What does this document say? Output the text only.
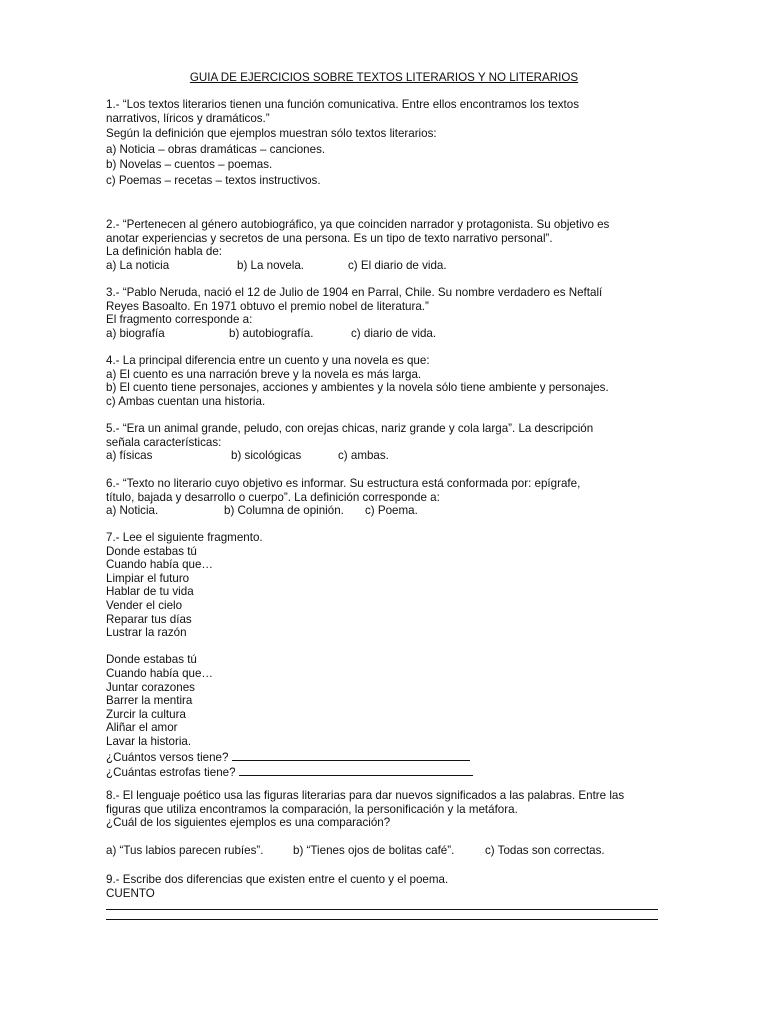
GUIA DE EJERCICIOS SOBRE TEXTOS LITERARIOS Y NO LITERARIOS
1.- “Los textos literarios tienen una función comunicativa. Entre ellos encontramos los textos
narrativos, líricos y dramáticos.”
Según la definición que ejemplos muestran sólo textos literarios:
a) Noticia – obras dramáticas – canciones.
b) Novelas – cuentos – poemas.
c) Poemas – recetas – textos instructivos.
2.- “Pertenecen al género autobiográfico, ya que coinciden narrador y protagonista. Su objetivo es
anotar experiencias y secretos de una persona. Es un tipo de texto narrativo personal”.
La definición habla de:
a) La noticia	b) La novela.	c) El diario de vida.
3.- “Pablo Neruda, nació el 12 de Julio de 1904 en Parral, Chile. Su nombre verdadero es Neftalí
Reyes Basoalto. En 1971 obtuvo el premio nobel de literatura.”
El fragmento corresponde a:
a) biografía	b) autobiografía.	c) diario de vida.
4.- La principal diferencia entre un cuento y una novela es que:
a) El cuento es una narración breve y la novela es más larga.
b) El cuento tiene personajes, acciones y ambientes y la novela sólo tiene ambiente y personajes.
c) Ambas cuentan una historia.
5.- “Era un animal grande, peludo, con orejas chicas, nariz grande y cola larga”. La descripción
señala características:
a) físicas	b) sicológicas	c) ambas.
6.- “Texto no literario cuyo objetivo es informar. Su estructura está conformada por: epígrafe,
título, bajada y desarrollo o cuerpo”. La definición corresponde a:
a) Noticia.	b) Columna de opinión.	c) Poema.
7.- Lee el siguiente fragmento.
Donde estabas tú
Cuando había que…
Limpiar el futuro
Hablar de tu vida
Vender el cielo
Reparar tus días
Lustrar la razón
Donde estabas tú
Cuando había que…
Juntar corazones
Barrer la mentira
Zurcir la cultura
Aliñar el amor
Lavar la historia.
¿Cuántos versos tiene?
¿Cuántas estrofas tiene?
8.- El lenguaje poético usa las figuras literarias para dar nuevos significados a las palabras. Entre las
figuras que utiliza encontramos la comparación, la personificación y la metáfora.
¿Cuál de los siguientes ejemplos es una comparación?
a) “Tus labios parecen rubíes”.	b) “Tienes ojos de bolitas café”.	c) Todas son correctas.
9.- Escribe dos diferencias que existen entre el cuento y el poema.
CUENTO
